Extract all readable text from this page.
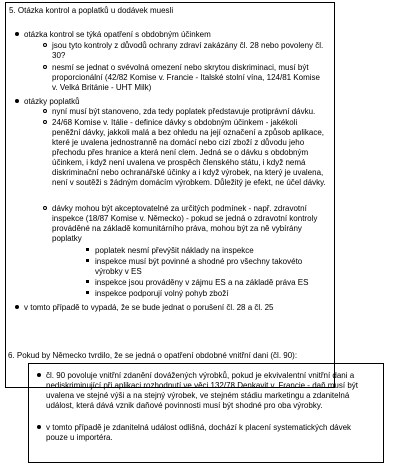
5. Otázka kontrol a poplatků u dodávek muesli
otázka kontrol se týká opatření s obdobným účinkem
jsou tyto kontroly z důvodů ochrany zdraví zakázány čl. 28 nebo povoleny čl. 30?
nesmí se jednat o svévolná omezení nebo skrytou diskriminaci, musí být proporcionální (42/82 Komise v. Francie - Italské stolní vína, 124/81 Komise v. Velká Británie - UHT Milk)
otázky poplatků
nyní musí být stanoveno, zda tedy poplatek představuje protiprávní dávku.
24/68 Komise v. Itálie - definice dávky s obdobným účinkem - jakékoli peněžní dávky, jakkoli malá a bez ohledu na její označení a způsob aplikace, které je uvalena jednostranně na domácí nebo cizí zboží z důvodu jeho přechodu přes hranice a která není clem. Jedná se o dávku s obdobným účinkem, i když není uvalena ve prospěch členského státu, i když nemá diskriminační nebo ochranářské účinky a i když výrobek, na který je uvalena, není v soutěži s žádným domácím výrobkem. Důležitý je efekt, ne účel dávky.
dávky mohou být akceptovatelné za určitých podmínek - např. zdravotní inspekce (18/87 Komise v. Německo) - pokud se jedná o zdravotní kontroly prováděné na základě komunitárního práva, mohou být za ně vybírány poplatky
poplatek nesmí převýšit náklady na inspekce
inspekce musí být povinné a shodné pro všechny takovéto výrobky v ES
inspekce jsou prováděny v zájmu ES a na základě práva ES
inspekce podporují volný pohyb zboží
v tomto případě to vypadá, že se bude jednat o porušení čl. 28 a čl. 25
6. Pokud by Německo tvrdilo, že se jedná o opatření obdobné vnitřní dani (čl. 90):
čl. 90 povoluje vnitřní zdanění dovážených výrobků, pokud je ekvivalentní vnitřní dani a nediskriminující při aplikaci rozhodnutí ve věci 132/78 Denkavit v. Francie - daň musí být uvalena ve stejné výši a na stejný výrobek, ve stejném stádiu marketingu a zdanitelná událost, která dává vznik daňové povinnosti musí být shodné pro oba výrobky.
v tomto případě je zdanitelná událost odlišná, dochází k placení systematických dávek pouze u importéra.
